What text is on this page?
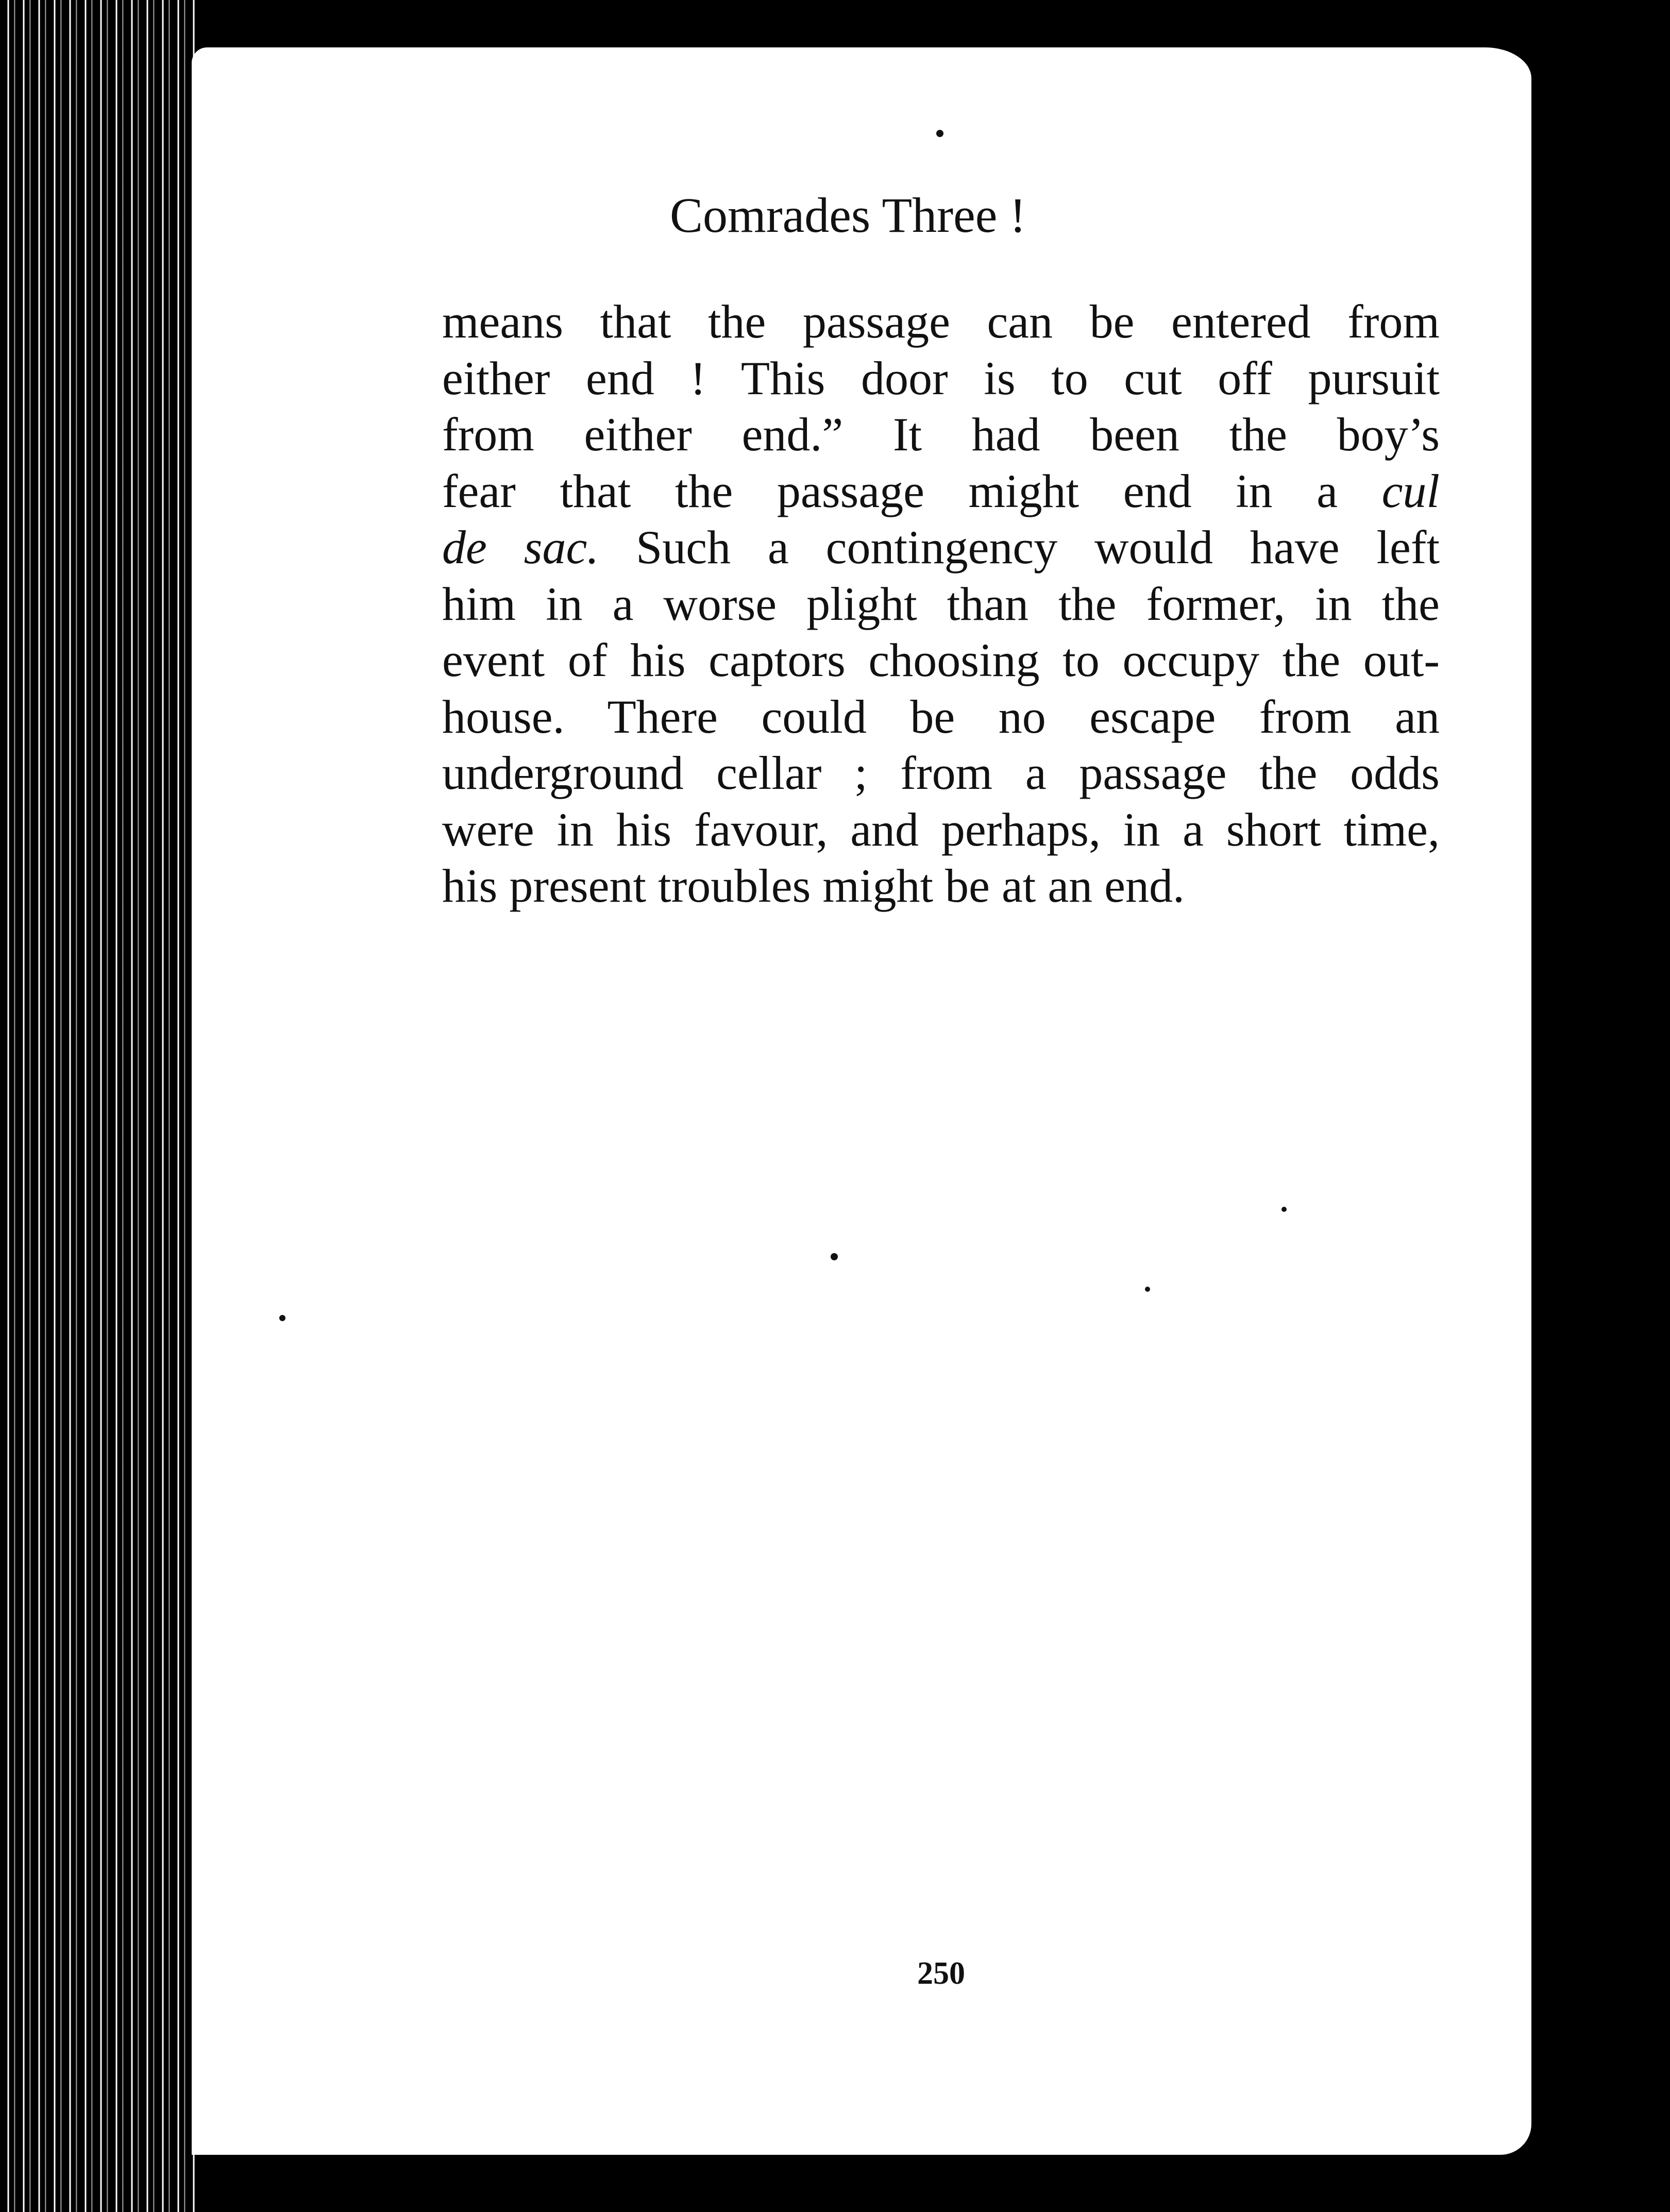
Comrades Three !
means that the passage can be entered from
either end ! This door is to cut off pursuit
from either end.” It had been the boy’s
fear that the passage might end in a cul
de sac. Such a contingency would have left
him in a worse plight than the former, in the
event of his captors choosing to occupy the out-
house. There could be no escape from an
underground cellar ; from a passage the odds
were in his favour, and perhaps, in a short time,
his present troubles might be at an end.
250
